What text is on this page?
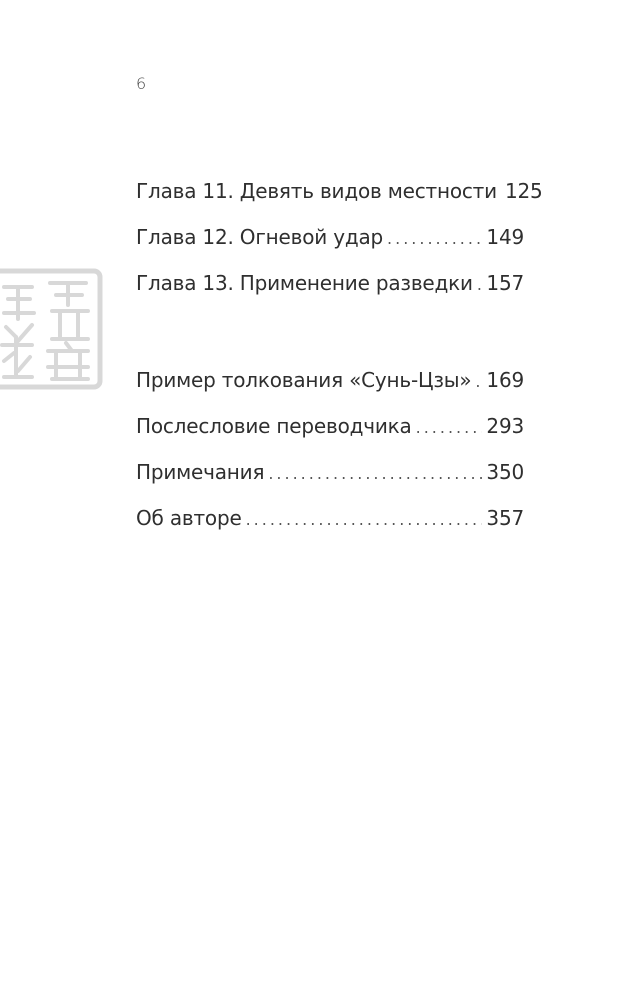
6
Глава 11. Девять видов местности 125
Глава 12. Огневой удар .....	149
Глава 13. Применение разведки ..... 157
Пример толкования «Сунь-Цзы» ..... 169
Послесловие переводчика .....	293
Примечания .....	350
Об авторе .....	357
